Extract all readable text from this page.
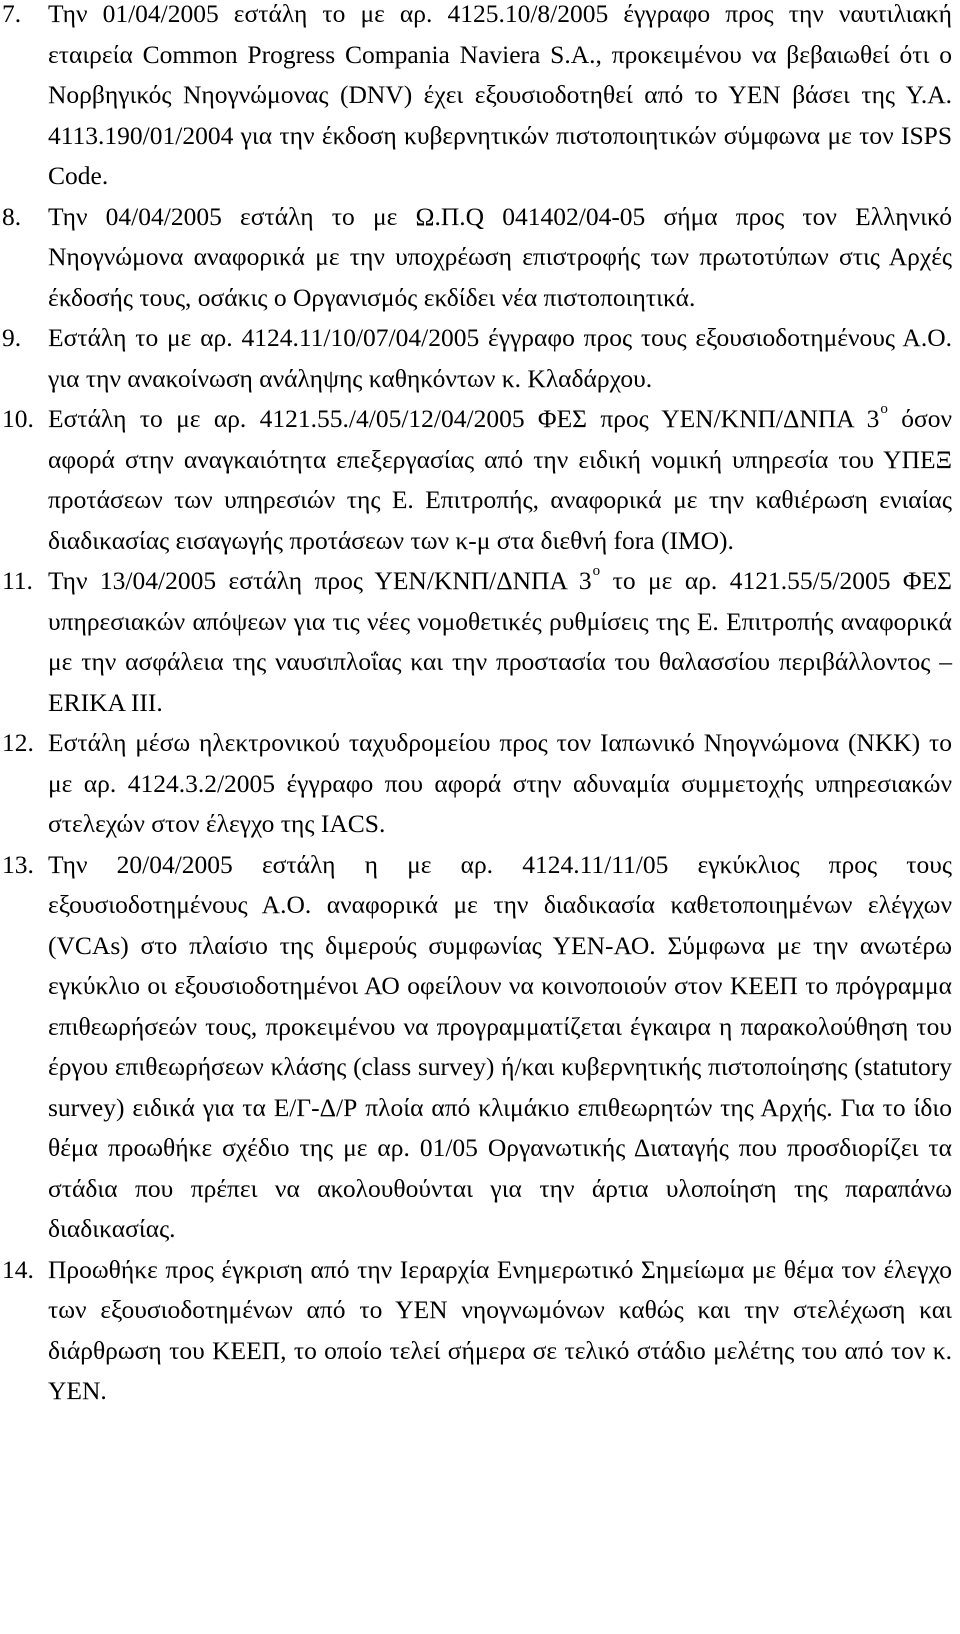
7. Την 01/04/2005 εστάλη το με αρ. 4125.10/8/2005 έγγραφο προς την ναυτιλιακή εταιρεία Common Progress Compania Naviera S.A., προκειμένου να βεβαιωθεί ότι ο Νορβηγικός Νηογνώμονας (DNV) έχει εξουσιοδοτηθεί από το ΥΕΝ βάσει της Υ.Α. 4113.190/01/2004 για την έκδοση κυβερνητικών πιστοποιητικών σύμφωνα με τον ISPS Code.

8. Την 04/04/2005 εστάλη το με Ω.Π.Q 041402/04-05 σήμα προς τον Ελληνικό Νηογνώμονα αναφορικά με την υποχρέωση επιστροφής των πρωτοτύπων στις Αρχές έκδοσής τους, οσάκις ο Οργανισμός εκδίδει νέα πιστοποιητικά.

9. Εστάλη το με αρ. 4124.11/10/07/04/2005 έγγραφο προς τους εξουσιοδοτημένους Α.Ο. για την ανακοίνωση ανάληψης καθηκόντων κ. Κλαδάρχου.

10. Εστάλη το με αρ. 4121.55./4/05/12/04/2005 ΦΕΣ προς ΥΕΝ/ΚΝΠ/ΔΝΠΑ $3^o$ όσον αφορά στην αναγκαιότητα επεξεργασίας από την ειδική νομική υπηρεσία του ΥΠΕΞ προτάσεων των υπηρεσιών της Ε. Επιτροπής, αναφορικά με την καθιέρωση ενιαίας διαδικασίας εισαγωγής προτάσεων των κ-μ στα διεθνή fora (IMO).

11. Την 13/04/2005 εστάλη προς ΥΕΝ/ΚΝΠ/ΔΝΠΑ $3^o$ το με αρ. 4121.55/5/2005 ΦΕΣ υπηρεσιακών απόψεων για τις νέες νομοθετικές ρυθμίσεις της Ε. Επιτροπής αναφορικά με την ασφάλεια της ναυσιπλοΐας και την προστασία του θαλασσίου περιβάλλοντος – ERIKA III.

12. Εστάλη μέσω ηλεκτρονικού ταχυδρομείου προς τον Ιαπωνικό Νηογνώμονα (NKK) το με αρ. 4124.3.2/2005 έγγραφο που αφορά στην αδυναμία συμμετοχής υπηρεσιακών στελεχών στον έλεγχο της IACS.

13. Την 20/04/2005 εστάλη η με αρ. 4124.11/11/05 εγκύκλιος προς τους εξουσιοδοτημένους Α.Ο. αναφορικά με την διαδικασία καθετοποιημένων ελέγχων (VCAs) στο πλαίσιο της διμερούς συμφωνίας ΥΕΝ-ΑΟ. Σύμφωνα με την ανωτέρω εγκύκλιο οι εξουσιοδοτημένοι ΑΟ οφείλουν να κοινοποιούν στον ΚΕΕΠ το πρόγραμμα επιθεωρήσεών τους, προκειμένου να προγραμματίζεται έγκαιρα η παρακολούθηση του έργου επιθεωρήσεων κλάσης (class survey) ή/και κυβερνητικής πιστοποίησης (statutory survey) ειδικά για τα Ε/Γ-Δ/Ρ πλοία από κλιμάκιο επιθεωρητών της Αρχής. Για το ίδιο θέμα προωθήκε σχέδιο της με αρ. 01/05 Οργανωτικής Διαταγής που προσδιορίζει τα στάδια που πρέπει να ακολουθούνται για την άρτια υλοποίηση της παραπάνω διαδικασίας.

14. Προωθήκε προς έγκριση από την Ιεραρχία Ενημερωτικό Σημείωμα με θέμα τον έλεγχο των εξουσιοδοτημένων από το ΥΕΝ νηογνωμόνων καθώς και την στελέχωση και διάρθρωση του ΚΕΕΠ, το οποίο τελεί σήμερα σε τελικό στάδιο μελέτης του από τον κ. ΥΕΝ.
